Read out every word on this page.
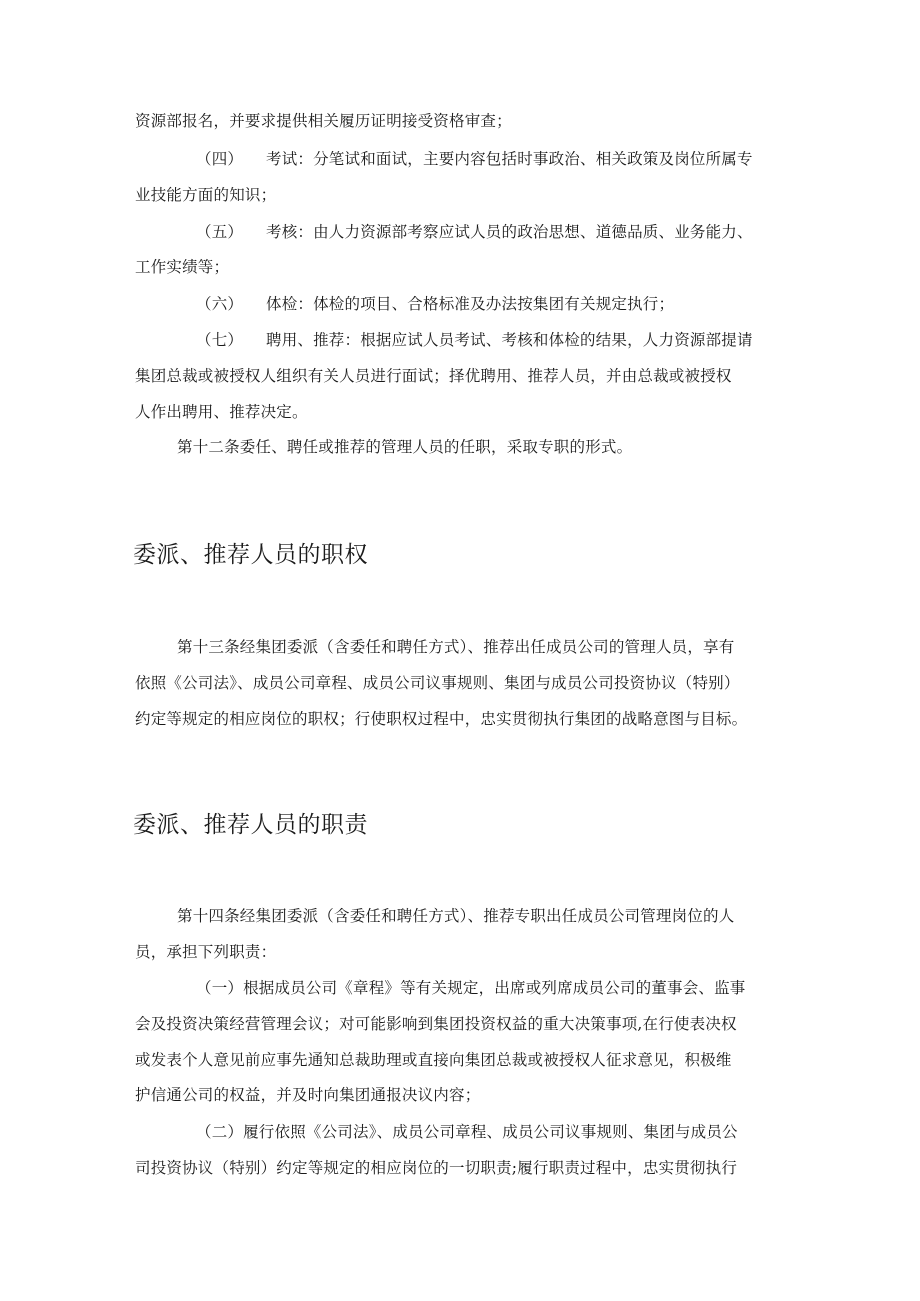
资源部报名，并要求提供相关履历证明接受资格审查；
（四） 考试：分笔试和面试，主要内容包括时事政治、相关政策及岗位所属专
业技能方面的知识；
（五） 考核：由人力资源部考察应试人员的政治思想、道德品质、业务能力、
工作实绩等；
（六） 体检：体检的项目、合格标准及办法按集团有关规定执行；
（七） 聘用、推荐：根据应试人员考试、考核和体检的结果，人力资源部提请
集团总裁或被授权人组织有关人员进行面试；择优聘用、推荐人员，并由总裁或被授权
人作出聘用、推荐决定。
第十二条委任、聘任或推荐的管理人员的任职，采取专职的形式。
委派、推荐人员的职权
第十三条经集团委派（含委任和聘任方式）、推荐出任成员公司的管理人员，享有
依照《公司法》、成员公司章程、成员公司议事规则、集团与成员公司投资协议（特别）
约定等规定的相应岗位的职权；行使职权过程中，忠实贯彻执行集团的战略意图与目标。
委派、推荐人员的职责
第十四条经集团委派（含委任和聘任方式）、推荐专职出任成员公司管理岗位的人
员，承担下列职责：
（一）根据成员公司《章程》等有关规定，出席或列席成员公司的董事会、监事
会及投资决策经营管理会议；对可能影响到集团投资权益的重大决策事项,在行使表决权
或发表个人意见前应事先通知总裁助理或直接向集团总裁或被授权人征求意见，积极维
护信通公司的权益，并及时向集团通报决议内容；
（二）履行依照《公司法》、成员公司章程、成员公司议事规则、集团与成员公
司投资协议（特别）约定等规定的相应岗位的一切职责;履行职责过程中，忠实贯彻执行
